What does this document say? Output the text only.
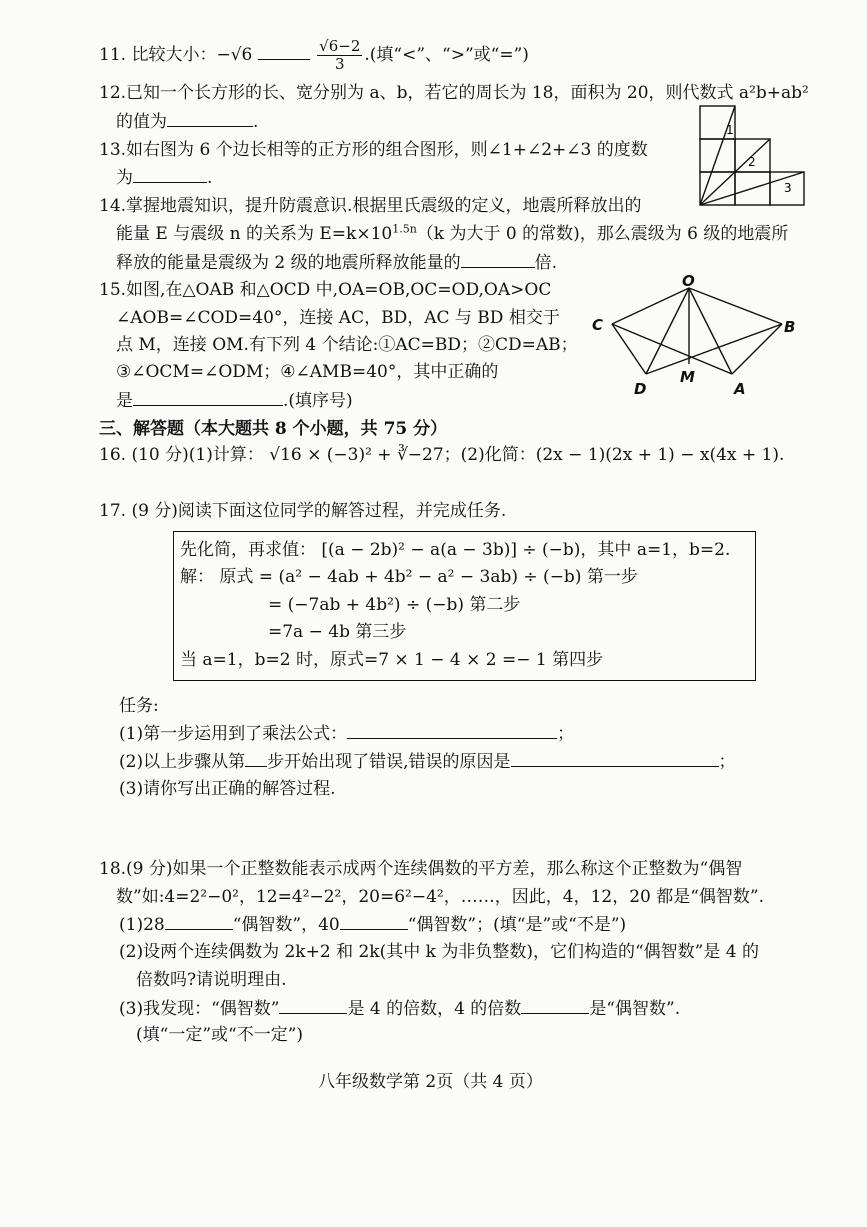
11. 比较大小：−√6	$\frac{√6-2}{3}$ .(填“<”、“>”或“=”)
12.已知一个长方形的长、宽分别为 a、b，若它的周长为 18，面积为 20，则代数式 a²b+ab²
的值为	.
13.如右图为 6 个边长相等的正方形的组合图形，则∠1+∠2+∠3 的度数
为	.
1
2
3
14.掌握地震知识，提升防震意识.根据里氏震级的定义，地震所释放出的
能量 E 与震级 n 的关系为 $E=k\times 10^{1.5n}(k$ 为大于 0 的常数)，那么震级为 6 级的地震所
释放的能量是震级为 2 级的地震所释放能量的	倍.
15.如图,在△OAB 和△OCD 中,OA=OB,OC=OD,OA>OC
∠AOB=∠COD=40°，连接 AC，BD，AC 与 BD 相交于
点 M，连接 OM.有下列 4 个结论:①AC=BD；②CD=AB；
③∠OCM=∠ODM；④∠AMB=40°，其中正确的
是	.(填序号)
O
C	B
D
M
A
三、解答题（本大题共 8 个小题，共 75 分）
16. (10 分)(1)计算： √16 × (−3)² + ∛−27；(2)化简：(2x − 1)(2x + 1) − x(4x + 1).
17. (9 分)阅读下面这位同学的解答过程，并完成任务.
先化简，再求值： [(a − 2b)² − a(a − 3b)] ÷ (−b)，其中 a=1，b=2.
解： 原式 = (a² − 4ab + 4b² − a² − 3ab) ÷ (−b) 第一步
= (−7ab + 4b²) ÷ (−b) 第二步
=7a − 4b 第三步
当 a=1，b=2 时，原式=7 × 1 − 4 × 2 =− 1 第四步
任务:
(1)第一步运用到了乘法公式：	；
(2)以上步骤从第 步开始出现了错误,错误的原因是	；
(3)请你写出正确的解答过程.
18.(9 分)如果一个正整数能表示成两个连续偶数的平方差，那么称这个正整数为“偶智
数”如:4=2²−0²，12=4²−2²，20=6²−4²，……，因此，4，12，20 都是“偶智数”.
(1)28	“偶智数”，40	“偶智数”；(填“是”或“不是”)
(2)设两个连续偶数为 2k+2 和 2k(其中 k 为非负整数)，它们构造的“偶智数”是 4 的
倍数吗?请说明理由.
(3)我发现：“偶智数”	是 4 的倍数，4 的倍数	是“偶智数”.
(填“一定”或“不一定”)
八年级数学第 2页（共 4 页）
